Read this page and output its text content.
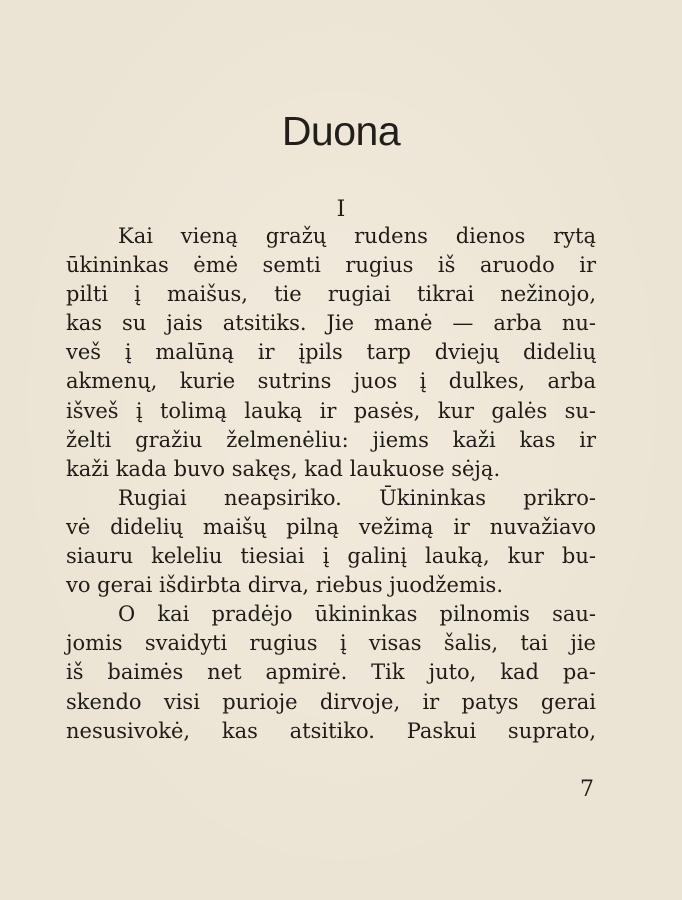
Duona
I
Kai vieną gražų rudens dienos rytą
ūkininkas ėmė semti rugius iš aruodo ir
pilti į maišus, tie rugiai tikrai nežinojo,
kas su jais atsitiks. Jie manė — arba nu-
veš į malūną ir įpils tarp dviejų didelių
akmenų, kurie sutrins juos į dulkes, arba
išveš į tolimą lauką ir pasės, kur galės su-
želti gražiu želmenėliu: jiems kaži kas ir
kaži kada buvo sakęs, kad laukuose sėją.
Rugiai neapsiriko. Ūkininkas prikro-
vė didelių maišų pilną vežimą ir nuvažiavo
siauru keleliu tiesiai į galinį lauką, kur bu-
vo gerai išdirbta dirva, riebus juodžemis.
O kai pradėjo ūkininkas pilnomis sau-
jomis svaidyti rugius į visas šalis, tai jie
iš baimės net apmirė. Tik juto, kad pa-
skendo visi purioje dirvoje, ir patys gerai
nesusivokė, kas atsitiko. Paskui suprato,
7
